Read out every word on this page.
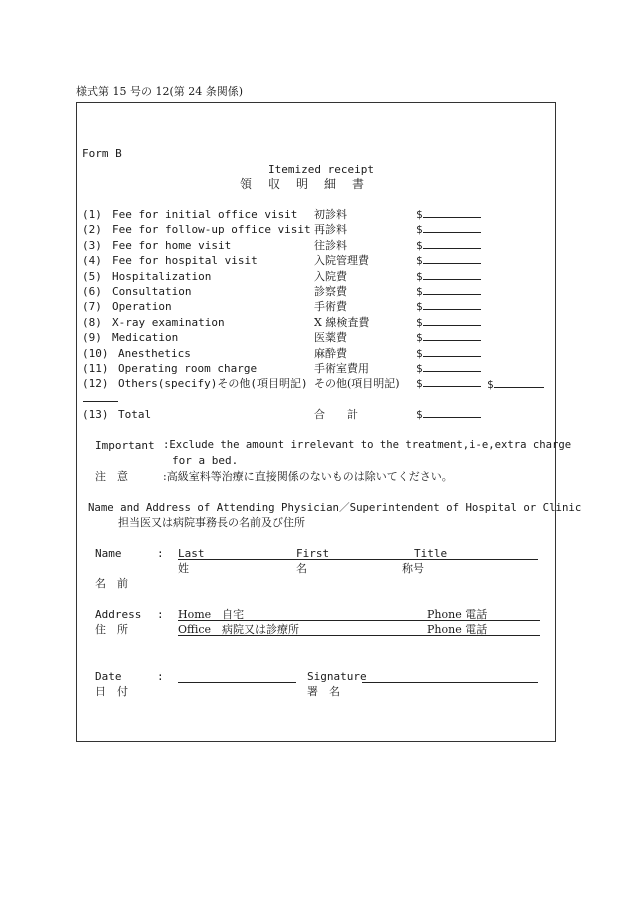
様式第 15 号の 12(第 24 条関係)
Form B
Itemized receipt
領　収　明　細　書
(1) Fee for initial office visit 初診料	$
(2) Fee for follow-up office visit 再診料	$
(3) Fee for home visit	往診料	$
(4) Fee for hospital visit	入院管理費	$
(5) Hospitalization	入院費	$
(6) Consultation	診察費	$
(7) Operation	手術費	$
(8) X-ray examination	X 線検査費	$
(9) Medication	医薬費	$
(10) Anesthetics	麻酔費	$
(11) Operating room charge	手術室費用	$
(12) Others(specify)その他(項目明記) その他(項目明記) $	$
(13) Total	合　　計	$
Important :Exclude the amount irrelevant to the treatment,i-e,extra charge
for a bed.
注　意	:高級室料等治療に直接関係のないものは除いてください。
Name and Address of Attending Physician／Superintendent of Hospital or Clinic
担当医又は病院事務長の名前及び住所
Name	: Last	First	Title
姓	名	称号
名　前
Address : Home　自宅	Phone 電話
住　所	Office　病院又は診療所	Phone 電話
Date	:	Signature
日　付	署　名
